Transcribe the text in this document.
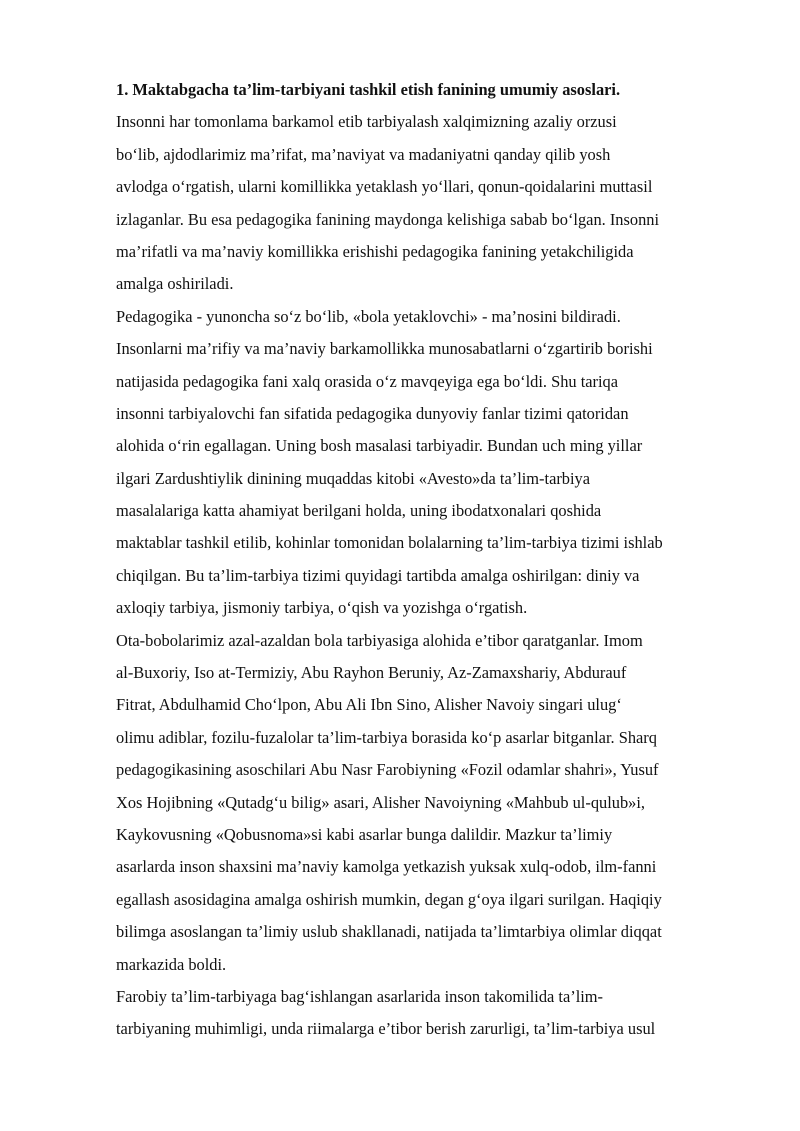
1. Maktabgacha ta’lim-tarbiyani tashkil etish fanining umumiy asoslari.
Insonni har tomonlama barkamol etib tarbiyalash xalqimizning azaliy orzusi
bo‘lib, ajdodlarimiz ma’rifat, ma’naviyat va madaniyatni qanday qilib yosh
avlodga o‘rgatish, ularni komillikka yetaklash yo‘llari, qonun-qoidalarini muttasil
izlaganlar. Bu esa pedagogika fanining maydonga kelishiga sabab bo‘lgan. Insonni
ma’rifatli va ma’naviy komillikka erishishi pedagogika fanining yetakchiligida
amalga oshiriladi.
Pedagogika - yunoncha so‘z bo‘lib, «bola yetaklovchi» - ma’nosini bildiradi.
Insonlarni ma’rifiy va ma’naviy barkamollikka munosabatlarni o‘zgartirib borishi
natijasida pedagogika fani xalq orasida o‘z mavqeyiga ega bo‘ldi. Shu tariqa
insonni tarbiyalovchi fan sifatida pedagogika dunyoviy fanlar tizimi qatoridan
alohida o‘rin egallagan. Uning bosh masalasi tarbiyadir. Bundan uch ming yillar
ilgari Zardushtiylik dinining muqaddas kitobi «Avesto»da ta’lim-tarbiya
masalalariga katta ahamiyat berilgani holda, uning ibodatxonalari qoshida
maktablar tashkil etilib, kohinlar tomonidan bolalarning ta’lim-tarbiya tizimi ishlab
chiqilgan. Bu ta’lim-tarbiya tizimi quyidagi tartibda amalga oshirilgan: diniy va
axloqiy tarbiya, jismoniy tarbiya, o‘qish va yozishga o‘rgatish.
Ota-bobolarimiz azal-azaldan bola tarbiyasiga alohida e’tibor qaratganlar. Imom
al-Buxoriy, Iso at-Termiziy, Abu Rayhon Beruniy, Az-Zamaxshariy, Abdurauf
Fitrat, Abdulhamid Cho‘lpon, Abu Ali Ibn Sino, Alisher Navoiy singari ulug‘
olimu adiblar, fozilu-fuzalolar ta’lim-tarbiya borasida ko‘p asarlar bitganlar. Sharq
pedagogikasining asoschilari Abu Nasr Farobiyning «Fozil odamlar shahri», Yusuf
Xos Hojibning «Qutadg‘u bilig» asari, Alisher Navoiyning «Mahbub ul-qulub»i,
Kaykovusning «Qobusnoma»si kabi asarlar bunga dalildir. Mazkur ta’limiy
asarlarda inson shaxsini ma’naviy kamolga yetkazish yuksak xulq-odob, ilm-fanni
egallash asosidagina amalga oshirish mumkin, degan g‘oya ilgari surilgan. Haqiqiy
bilimga asoslangan ta’limiy uslub shakllanadi, natijada ta’limtarbiya olimlar diqqat
markazida boldi.
Farobiy ta’lim-tarbiyaga bag‘ishlangan asarlarida inson takomilida ta’lim-
tarbiyaning muhimligi, unda riimalarga e’tibor berish zarurligi, ta’lim-tarbiya usul
